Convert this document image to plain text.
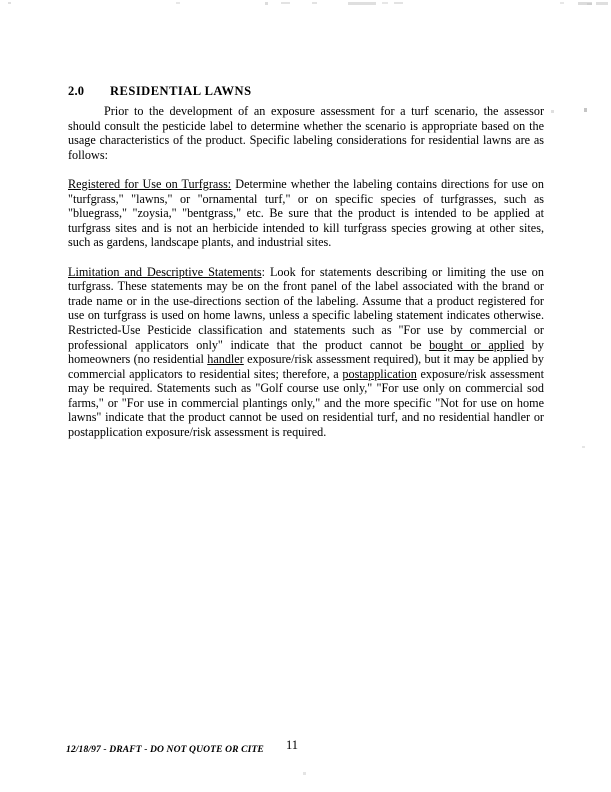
2.0 RESIDENTIAL LAWNS

Prior to the development of an exposure assessment for a turf scenario, the assessor should consult the pesticide label to determine whether the scenario is appropriate based on the usage characteristics of the product. Specific labeling considerations for residential lawns are as follows:

Registered for Use on Turfgrass: Determine whether the labeling contains directions for use on "turfgrass," "lawns," or "ornamental turf," or on specific species of turfgrasses, such as "bluegrass," "zoysia," "bentgrass," etc. Be sure that the product is intended to be applied at turfgrass sites and is not an herbicide intended to kill turfgrass species growing at other sites, such as gardens, landscape plants, and industrial sites.

Limitation and Descriptive Statements: Look for statements describing or limiting the use on turfgrass. These statements may be on the front panel of the label associated with the brand or trade name or in the use-directions section of the labeling. Assume that a product registered for use on turfgrass is used on home lawns, unless a specific labeling statement indicates otherwise. Restricted-Use Pesticide classification and statements such as "For use by commercial or professional applicators only" indicate that the product cannot be bought or applied by homeowners (no residential handler exposure/risk assessment required), but it may be applied by commercial applicators to residential sites; therefore, a postapplication exposure/risk assessment may be required. Statements such as "Golf course use only," "For use only on commercial sod farms," or "For use in commercial plantings only," and the more specific "Not for use on home lawns" indicate that the product cannot be used on residential turf, and no residential handler or postapplication exposure/risk assessment is required.

12/18/97 - DRAFT - DO NOT QUOTE OR CITE 11
